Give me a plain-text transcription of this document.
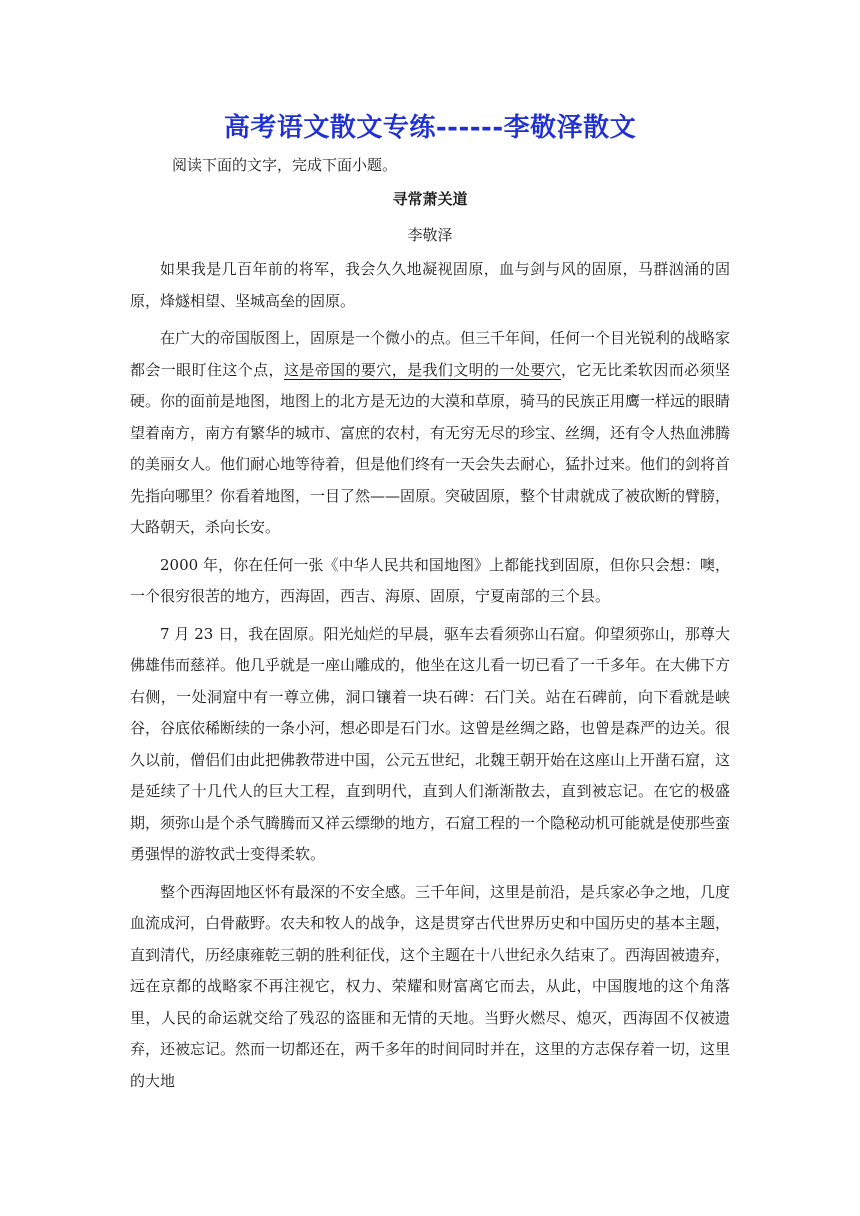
高考语文散文专练------李敬泽散文
阅读下面的文字，完成下面小题。
寻常萧关道
李敬泽

如果我是几百年前的将军，我会久久地凝视固原，血与剑与风的固原，马群汹涌的固原，烽燧相望、坚城高垒的固原。

在广大的帝国版图上，固原是一个微小的点。但三千年间，任何一个目光锐利的战略家都会一眼盯住这个点，这是帝国的要穴，是我们文明的一处要穴，它无比柔软因而必须坚硬。你的面前是地图，地图上的北方是无边的大漠和草原，骑马的民族正用鹰一样远的眼睛望着南方，南方有繁华的城市、富庶的农村，有无穷无尽的珍宝、丝绸，还有令人热血沸腾的美丽女人。他们耐心地等待着，但是他们终有一天会失去耐心，猛扑过来。他们的剑将首先指向哪里？你看着地图，一目了然——固原。突破固原，整个甘肃就成了被砍断的臂膀，大路朝天，杀向长安。

2000 年，你在任何一张《中华人民共和国地图》上都能找到固原，但你只会想：噢，一个很穷很苦的地方，西海固，西吉、海原、固原，宁夏南部的三个县。

7 月 23 日，我在固原。阳光灿烂的早晨，驱车去看须弥山石窟。仰望须弥山，那尊大佛雄伟而慈祥。他几乎就是一座山雕成的，他坐在这儿看一切已看了一千多年。在大佛下方右侧，一处洞窟中有一尊立佛，洞口镶着一块石碑：石门关。站在石碑前，向下看就是峡谷，谷底依稀断续的一条小河，想必即是石门水。这曾是丝绸之路，也曾是森严的边关。很久以前，僧侣们由此把佛教带进中国，公元五世纪，北魏王朝开始在这座山上开凿石窟，这是延续了十几代人的巨大工程，直到明代，直到人们渐渐散去，直到被忘记。在它的极盛期，须弥山是个杀气腾腾而又祥云缥缈的地方，石窟工程的一个隐秘动机可能就是使那些蛮勇强悍的游牧武士变得柔软。

整个西海固地区怀有最深的不安全感。三千年间，这里是前沿，是兵家必争之地，几度血流成河，白骨蔽野。农夫和牧人的战争，这是贯穿古代世界历史和中国历史的基本主题，直到清代，历经康雍乾三朝的胜利征伐，这个主题在十八世纪永久结束了。西海固被遗弃，远在京都的战略家不再注视它，权力、荣耀和财富离它而去，从此，中国腹地的这个角落里，人民的命运就交给了残忍的盗匪和无情的天地。当野火燃尽、熄灭，西海固不仅被遗弃，还被忘记。然而一切都还在，两千多年的时间同时并在，这里的方志保存着一切，这里的大地
